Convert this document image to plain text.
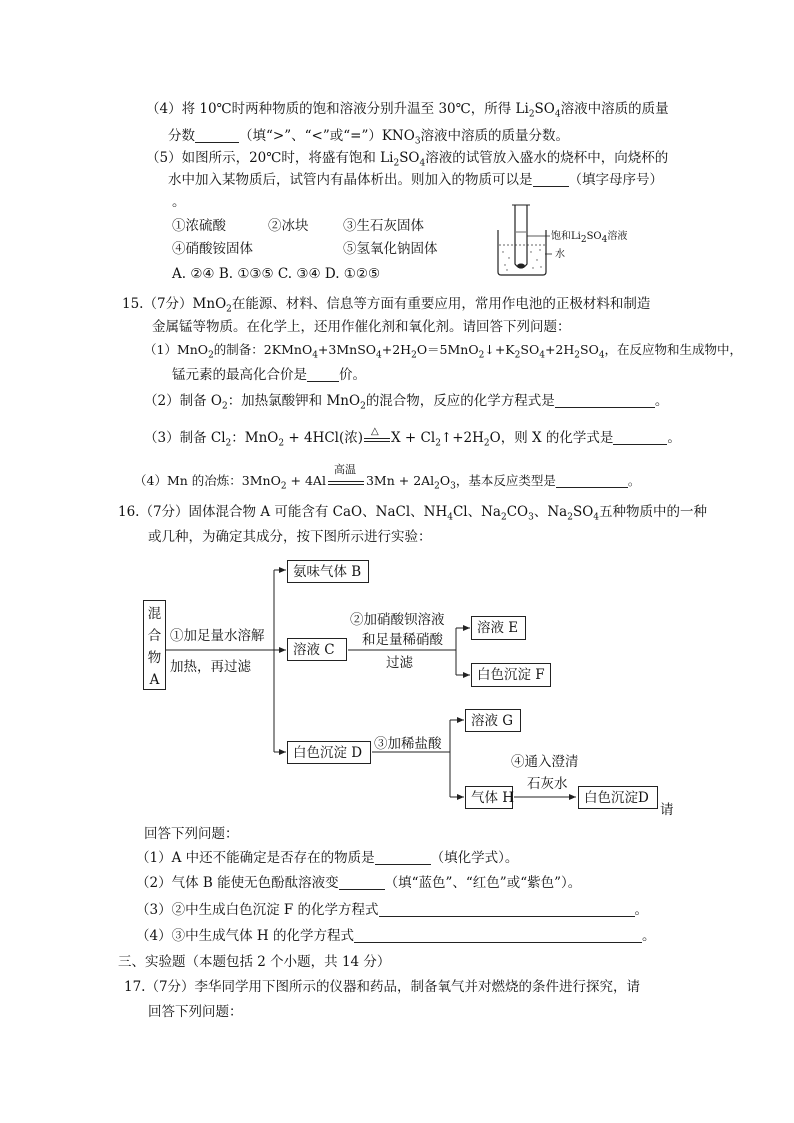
（4）将 10℃时两种物质的饱和溶液分别升温至 30℃，所得 $Li_2SO_4$溶液中溶质的质量
分数	（填“>”、“<”或“$=”)KNO_3$溶液中溶质的质量分数。
（5）如图所示，20℃时，将盛有饱和 $Li_2SO_4$溶液的试管放入盛水的烧杯中，向烧杯的
水中加入某物质后，试管内有晶体析出。则加入的物质可以是	（填字母序号）
。
①浓硫酸	②冰块	③生石灰固体
④硝酸铵固体	⑤氢氧化钠固体
A. ②④ B. ①③⑤ C. ③④ D. ①②⑤
饱和$Li_2SO_4$溶液
水
15.（7分）MnO$_2$在能源、材料、信息等方面有重要应用，常用作电池的正极材料和制造
金属锰等物质。在化学上，还用作催化剂和氧化剂。请回答下列问题：
（1）MnO$_2$的制备：$2KMnO_4+3MnSO_4+2H_2O=5MnO_2↓+K_2SO_4+2H_2SO_4$，在反应物和生成物中，
锰元素的最高化合价是 价。
（2）制备 $O_2$：加热氯酸钾和 MnO$_2$的混合物，反应的化学方程式是	。
（3）制备 $Cl_2$：MnO$_2$ + 4HCl(浓) △ $X + Cl_2↑+2H_2O$，则 X 的化学式是	。
（4）Mn 的冶炼：3MnO$_2$ + 4Al
高温
$3Mn + 2Al_2O_3$，基本反应类型是	。
16.（7分）固体混合物 A 可能含有 CaO、NaCl、$NH_4Cl$、$Na_2CO_3$、$Na_2SO_4$五种物质中的一种
或几种，为确定其成分，按下图所示进行实验：
混合物A
①加足量水溶解
加热，再过滤
氨味气体 B
溶液 C
白色沉淀 D
②加硝酸钡溶液
和足量稀硝酸
过滤
溶液 E
白色沉淀 F
③加稀盐酸
溶液 G
气体 H
④通入澄清
石灰水
白色沉淀D
请
回答下列问题：
（1）A 中还不能确定是否存在的物质是	（填化学式）。
（2）气体 B 能使无色酚酞溶液变	（填“蓝色”、“红色”或“紫色”）。
（3）②中生成白色沉淀 F 的化学方程式	。
（4）③中生成气体 H 的化学方程式	。
三、实验题（本题包括 2 个小题，共 14 分）
17.（7分）李华同学用下图所示的仪器和药品，制备氧气并对燃烧的条件进行探究，请
回答下列问题：
